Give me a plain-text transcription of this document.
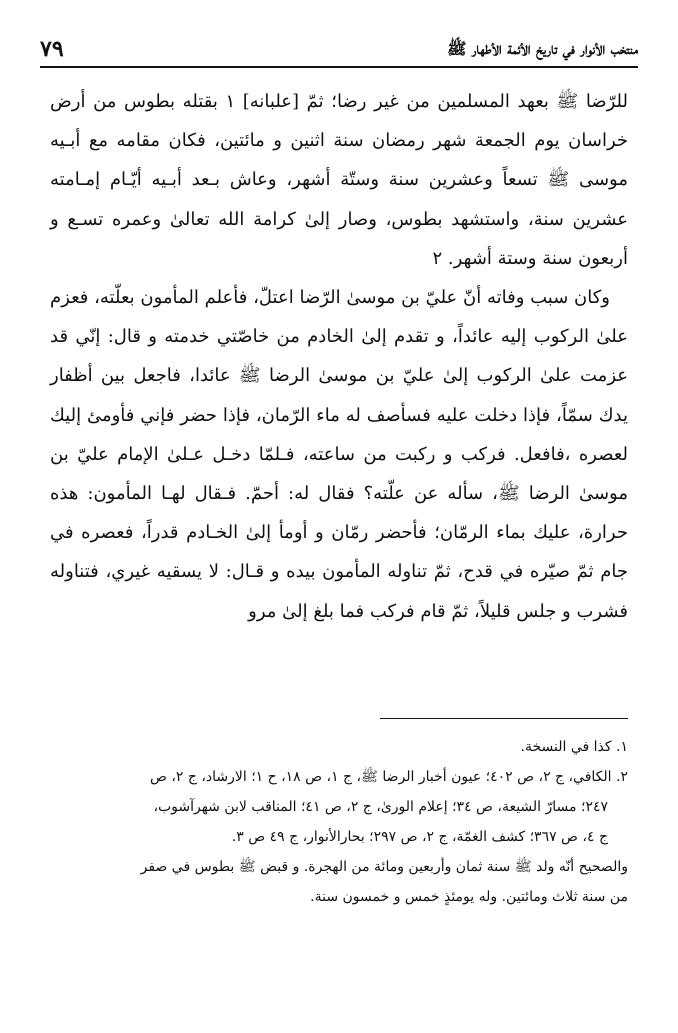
منتخب الأنوار في تاريخ الأئمة الأطهار ﷺ
٧٩

للرّضا ﷺ بعهد المسلمين من غير رضا؛ ثمّ [علبانه] ١ بقتله بطوس من أرض خراسان يوم الجمعة شهر رمضان سنة اثنين و مائتين، فكان مقامه مع أبـيه موسى ﷺ تسعاً وعشرين سنة وستّة أشهر، وعاش بـعد أبـيه أيّـام إمـامته عشرين سنة، واستشهد بطوس، وصار إلىٰ كرامة الله تعالىٰ وعمره تسـع و أربعون سنة وستة أشهر. ٢

وكان سبب وفاته أنّ عليّ بن موسىٰ الرّضا اعتلّ، فأعلم المأمون بعلّته، فعزم علىٰ الركوب إليه عائداً، و تقدم إلىٰ الخادم من خاصّتي خدمته و قال: إنّي قد عزمت علىٰ الركوب إلىٰ عليّ بن موسىٰ الرضا ﷺ عائدا، فاجعل بين أظفار يدك سمّاً، فإذا دخلت عليه فسأصف له ماء الرّمان، فإذا حضر فإني فأومئ إليك لعصره ،فافعل. فركب و ركبت من ساعته، فـلمّا دخـل عـلىٰ الإمام عليّ بن موسىٰ الرضا ﷺ، سأله عن علّته؟ فقال له: أحمّ. فـقال لهـا المأمون: هذه حرارة، عليك بماء الرمّان؛ فأحضر رمّان و أومأ إلىٰ الخـادم قدراً، فعصره في جام ثمّ صيّره في قدح، ثمّ تناوله المأمون بيده و قـال: لا يسقيه غيري، فتناوله فشرب و جلس قليلاً، ثمّ قام فركب فما بلغ إلىٰ مرو

١. كذا في النسخة.

٢. الكافي، ج ٢، ص ٤٠٢؛ عيون أخبار الرضا ﷺ، ج ١، ص ١٨، ح ١؛ الارشاد، ج ٢، ص

٢٤٧؛ مسارّ الشيعة، ص ٣٤؛ إعلام الورىٰ، ج ٢، ص ٤١؛ المناقب لابن شهرآشوب،

ج ٤، ص ٣٦٧؛ كشف الغمّة، ج ٢، ص ٢٩٧؛ بحارالأنوار، ج ٤٩ ص ٣.

والصحيح أنّه ولد ﷺ سنة ثمان وأربعين ومائة من الهجرة. و قبض ﷺ بطوس في صفر

من سنة ثلاث ومائتين. وله يومئذٍ خمس و خمسون سنة.
